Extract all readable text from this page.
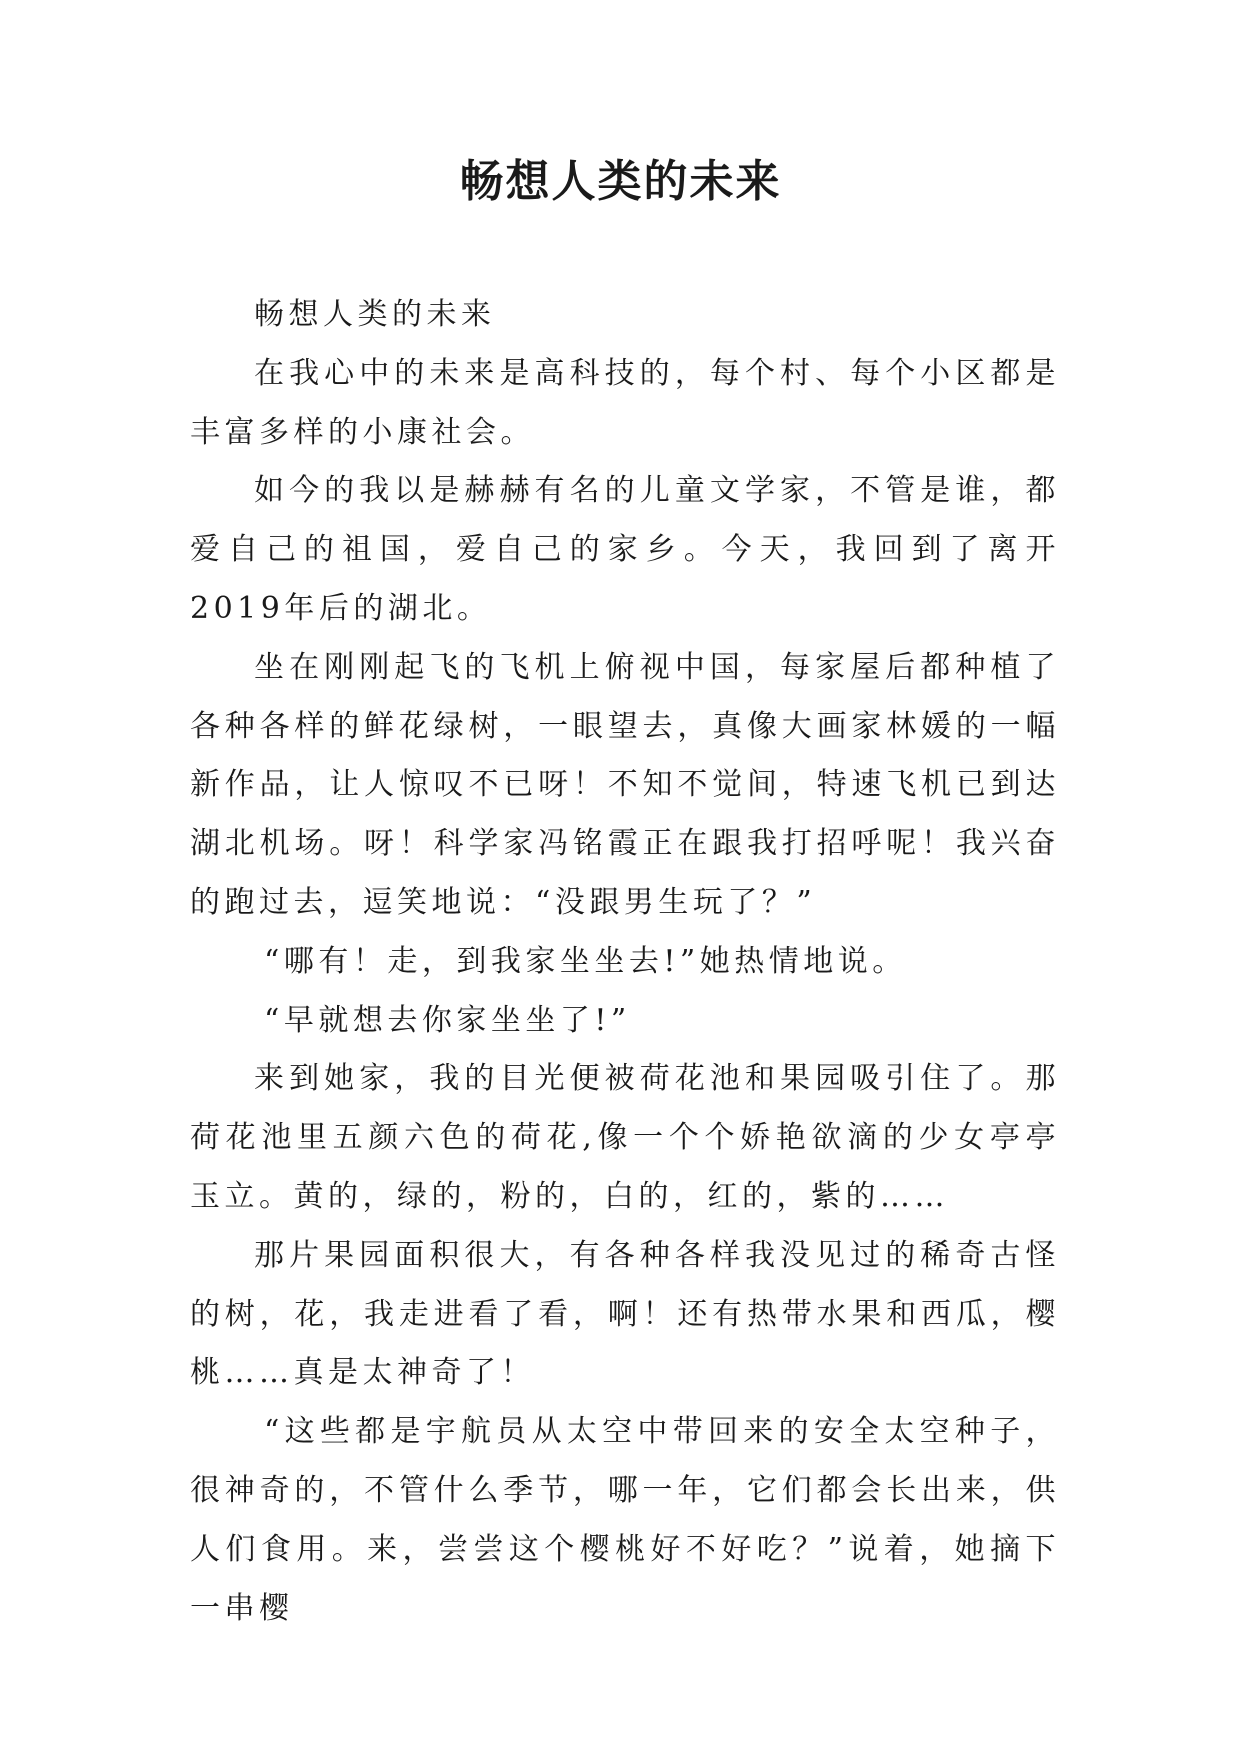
畅想人类的未来

畅想人类的未来

在我心中的未来是高科技的，每个村、每个小区都是丰富多样的小康社会。

如今的我以是赫赫有名的儿童文学家，不管是谁，都爱自己的祖国，爱自己的家乡。今天，我回到了离开2019年后的湖北。

坐在刚刚起飞的飞机上俯视中国，每家屋后都种植了各种各样的鲜花绿树，一眼望去，真像大画家林媛的一幅新作品，让人惊叹不已呀！不知不觉间，特速飞机已到达湖北机场。呀！科学家冯铭霞正在跟我打招呼呢！我兴奋的跑过去，逗笑地说：“没跟男生玩了？”

“哪有！走，到我家坐坐去!”她热情地说。

“早就想去你家坐坐了!”

来到她家，我的目光便被荷花池和果园吸引住了。那荷花池里五颜六色的荷花,像一个个娇艳欲滴的少女亭亭玉立。黄的，绿的，粉的，白的，红的，紫的……

那片果园面积很大，有各种各样我没见过的稀奇古怪的树，花，我走进看了看，啊！还有热带水果和西瓜，樱桃……真是太神奇了！

“这些都是宇航员从太空中带回来的安全太空种子，很神奇的，不管什么季节，哪一年，它们都会长出来，供人们食用。来，尝尝这个樱桃好不好吃？”说着，她摘下一串樱
